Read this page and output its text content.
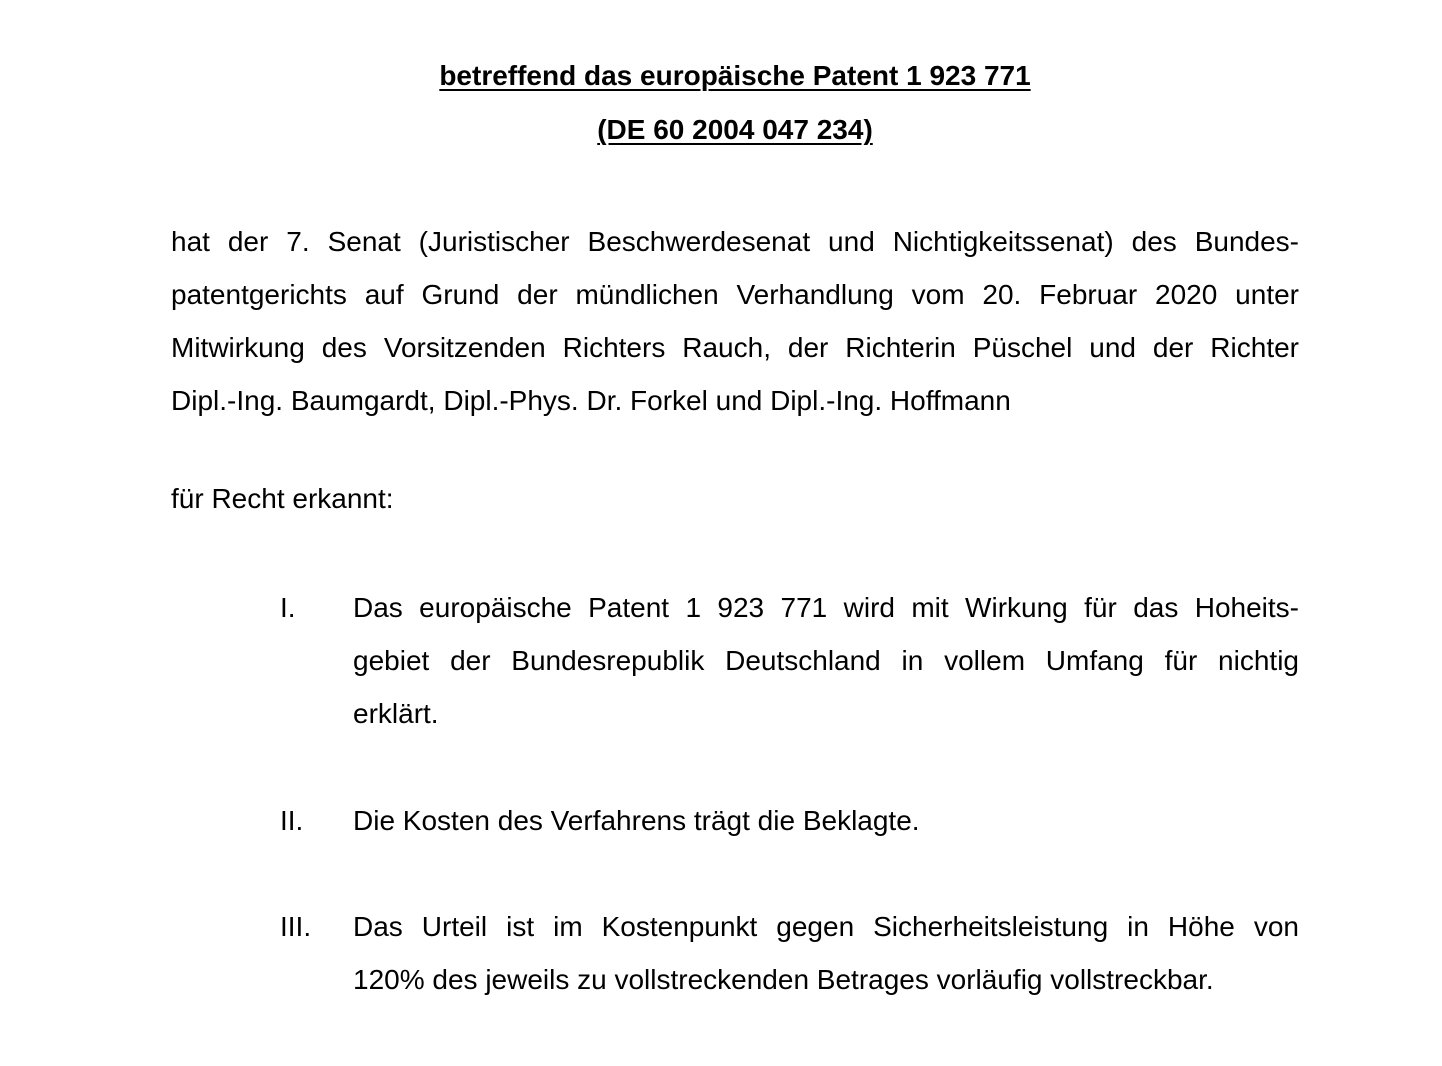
betreffend das europäische Patent 1 923 771
(DE 60 2004 047 234)
hat der 7. Senat (Juristischer Beschwerdesenat und Nichtigkeitssenat) des Bundes-
patentgerichts auf Grund der mündlichen Verhandlung vom 20. Februar 2020 unter
Mitwirkung des Vorsitzenden Richters Rauch, der Richterin Püschel und der Richter
Dipl.-Ing. Baumgardt, Dipl.-Phys. Dr. Forkel und Dipl.-Ing. Hoffmann
für Recht erkannt:
I. Das europäische Patent 1 923 771 wird mit Wirkung für das Hoheits-
gebiet der Bundesrepublik Deutschland in vollem Umfang für nichtig
erklärt.
II. Die Kosten des Verfahrens trägt die Beklagte.
III. Das Urteil ist im Kostenpunkt gegen Sicherheitsleistung in Höhe von
120% des jeweils zu vollstreckenden Betrages vorläufig vollstreckbar.
